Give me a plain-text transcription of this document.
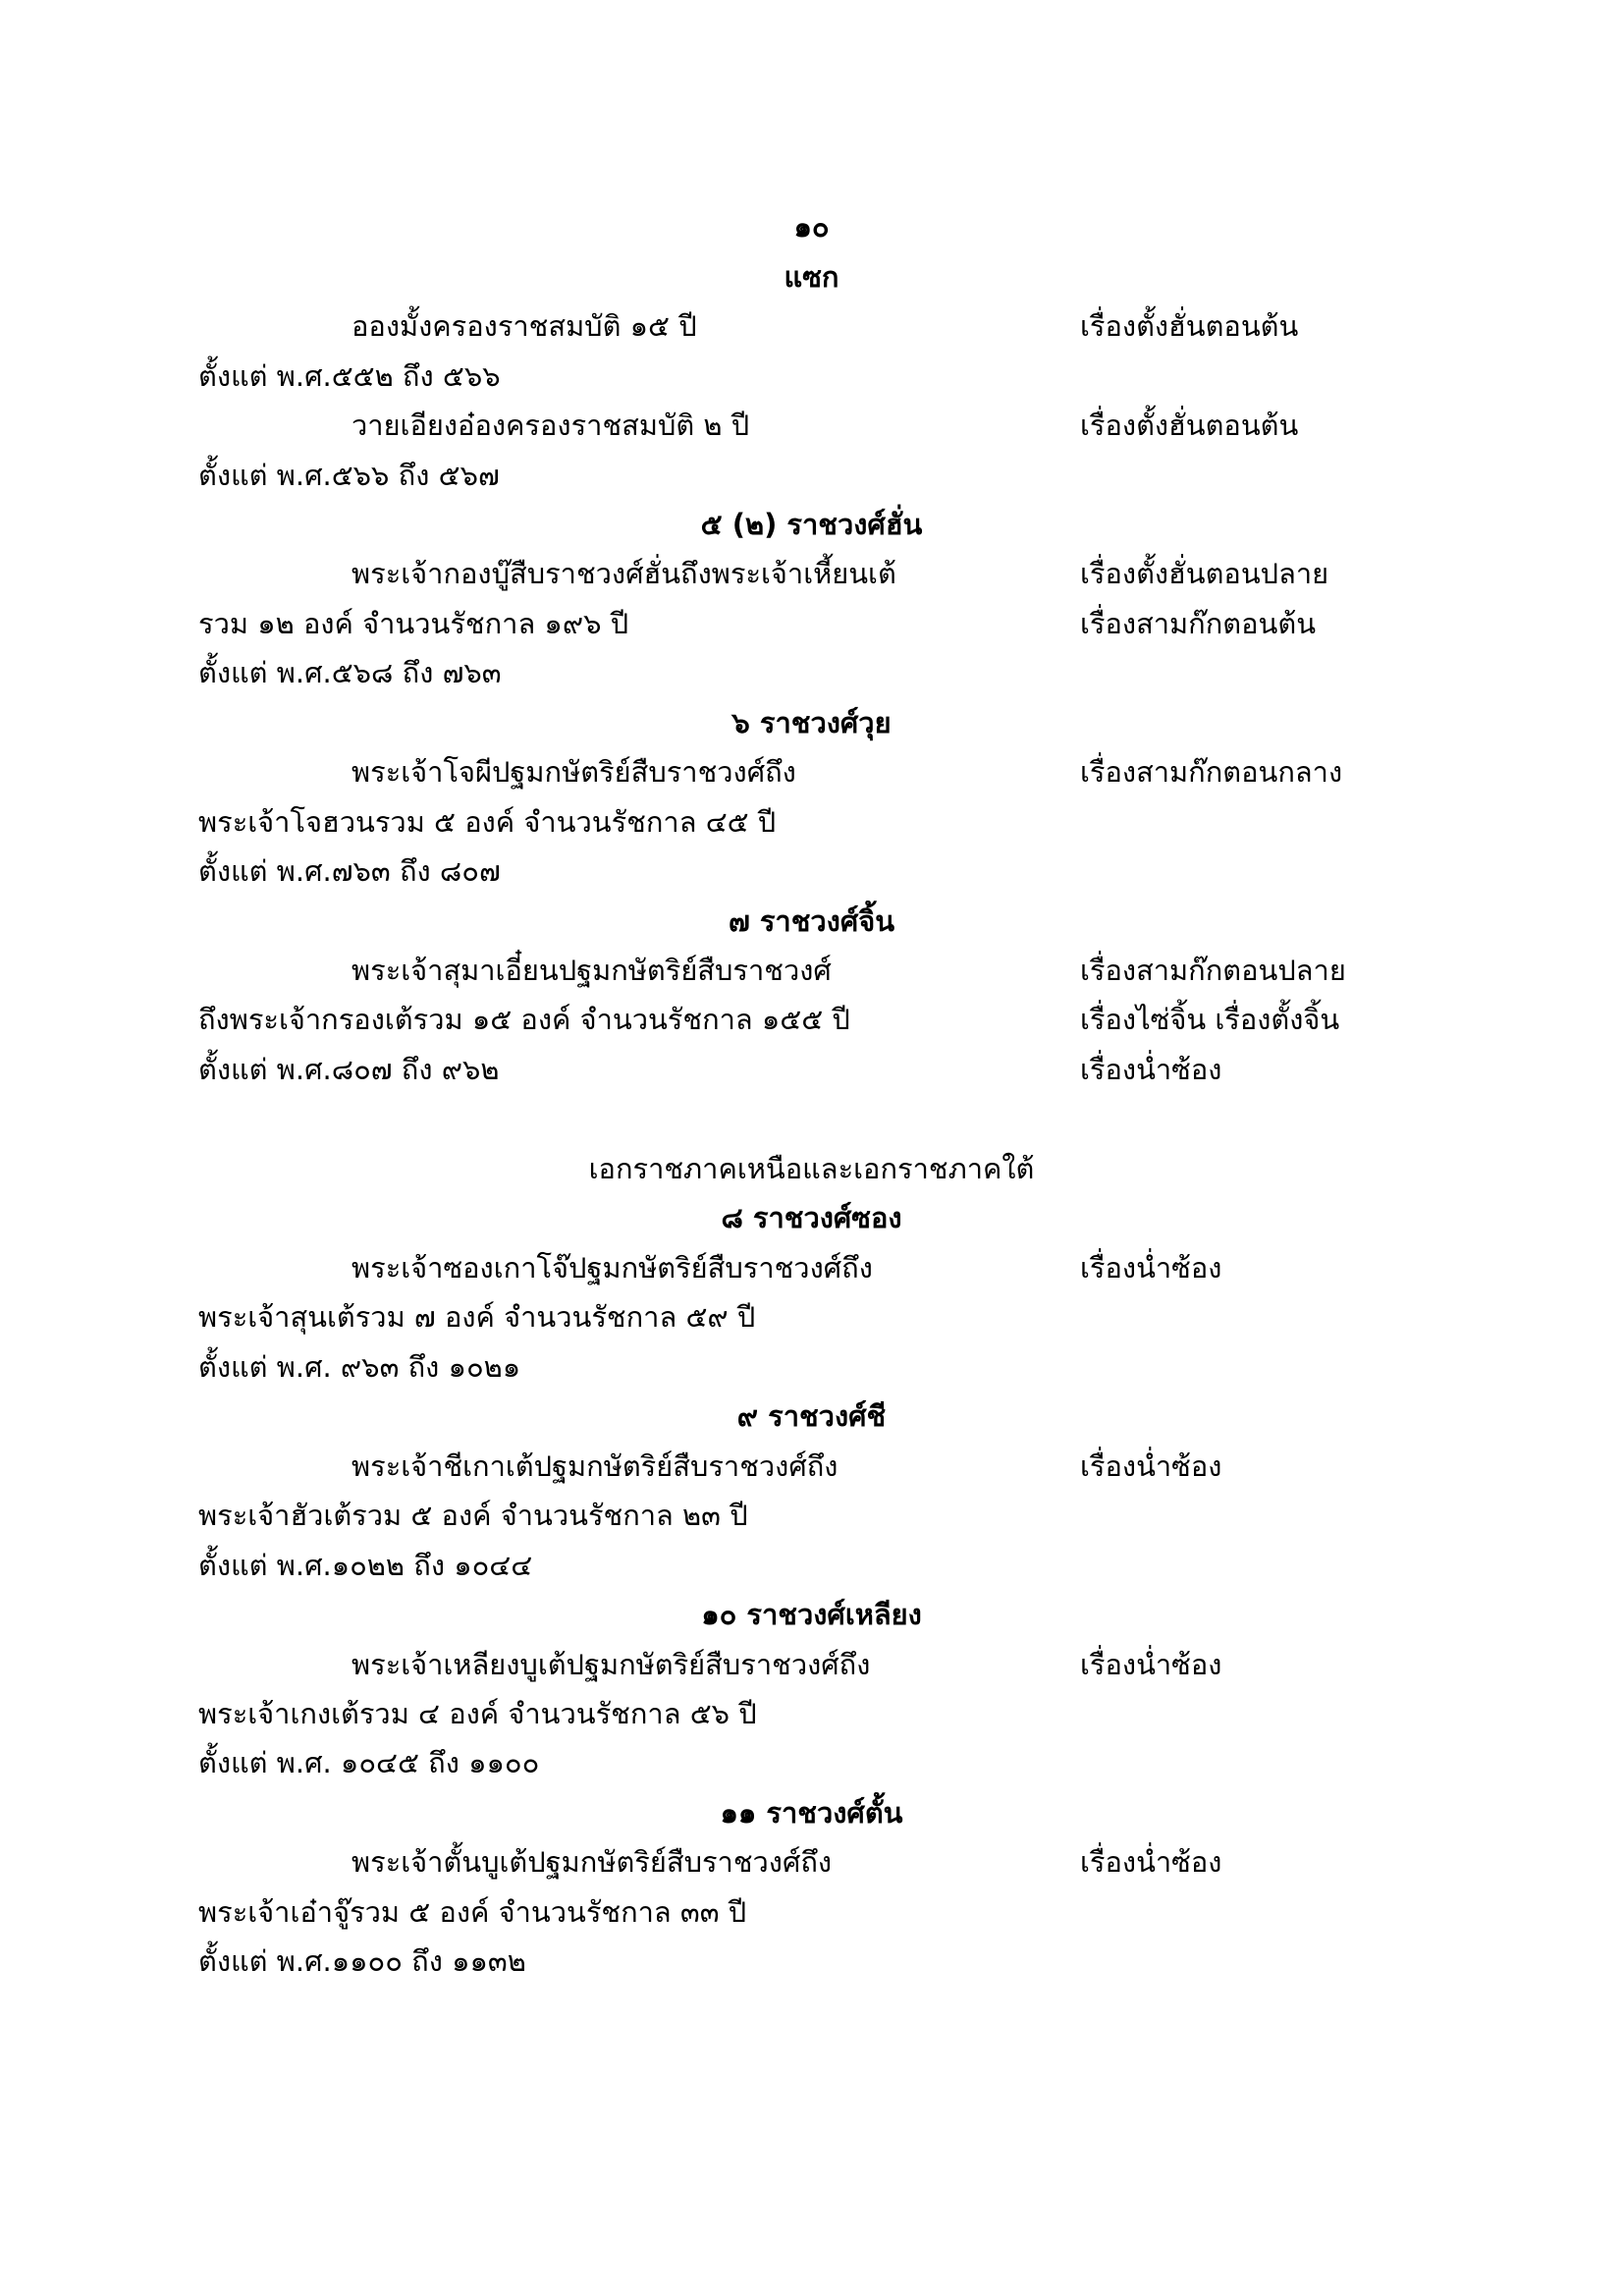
๑๐
แซก
อองมั้งครองราชสมบัติ ๑๕ ปี	เรื่องตั้งฮั่นตอนต้น
ตั้งแต่ พ.ศ.๕๕๒ ถึง ๕๖๖
วายเอียงอ๋องครองราชสมบัติ ๒ ปี	เรื่องตั้งฮั่นตอนต้น
ตั้งแต่ พ.ศ.๕๖๖ ถึง ๕๖๗
๕ (๒) ราชวงศ์ฮั่น
พระเจ้ากองบู๊สืบราชวงศ์ฮั่นถึงพระเจ้าเหี้ยนเต้	เรื่องตั้งฮั่นตอนปลาย
รวม ๑๒ องค์ จำนวนรัชกาล ๑๙๖ ปี	เรื่องสามก๊กตอนต้น
ตั้งแต่ พ.ศ.๕๖๘ ถึง ๗๖๓
๖ ราชวงศ์วุย
พระเจ้าโจผีปฐมกษัตริย์สืบราชวงศ์ถึง	เรื่องสามก๊กตอนกลาง
พระเจ้าโจฮวนรวม ๕ องค์ จำนวนรัชกาล ๔๕ ปี
ตั้งแต่ พ.ศ.๗๖๓ ถึง ๘๐๗
๗ ราชวงศ์จิ้น
พระเจ้าสุมาเอี๋ยนปฐมกษัตริย์สืบราชวงศ์	เรื่องสามก๊กตอนปลาย
ถึงพระเจ้ากรองเต้รวม ๑๕ องค์ จำนวนรัชกาล ๑๕๕ ปี	เรื่องไซ่จิ้น เรื่องตั้งจิ้น
ตั้งแต่ พ.ศ.๘๐๗ ถึง ๙๖๒	เรื่องน่ำซ้อง
เอกราชภาคเหนือและเอกราชภาคใต้
๘ ราชวงศ์ซอง
พระเจ้าซองเกาโจ๊ปฐมกษัตริย์สืบราชวงศ์ถึง	เรื่องน่ำซ้อง
พระเจ้าสุนเต้รวม ๗ องค์ จำนวนรัชกาล ๕๙ ปี
ตั้งแต่ พ.ศ. ๙๖๓ ถึง ๑๐๒๑
๙ ราชวงศ์ชี
พระเจ้าชีเกาเต้ปฐมกษัตริย์สืบราชวงศ์ถึง	เรื่องน่ำซ้อง
พระเจ้าฮัวเต้รวม ๕ องค์ จำนวนรัชกาล ๒๓ ปี
ตั้งแต่ พ.ศ.๑๐๒๒ ถึง ๑๐๔๔
๑๐ ราชวงศ์เหลียง
พระเจ้าเหลียงบูเต้ปฐมกษัตริย์สืบราชวงศ์ถึง	เรื่องน่ำซ้อง
พระเจ้าเกงเต้รวม ๔ องค์ จำนวนรัชกาล ๕๖ ปี
ตั้งแต่ พ.ศ. ๑๐๔๕ ถึง ๑๑๐๐
๑๑ ราชวงศ์ตั้น
พระเจ้าตั้นบูเต้ปฐมกษัตริย์สืบราชวงศ์ถึง	เรื่องน่ำซ้อง
พระเจ้าเอ๋าจู๊รวม ๕ องค์ จำนวนรัชกาล ๓๓ ปี
ตั้งแต่ พ.ศ.๑๑๐๐ ถึง ๑๑๓๒
